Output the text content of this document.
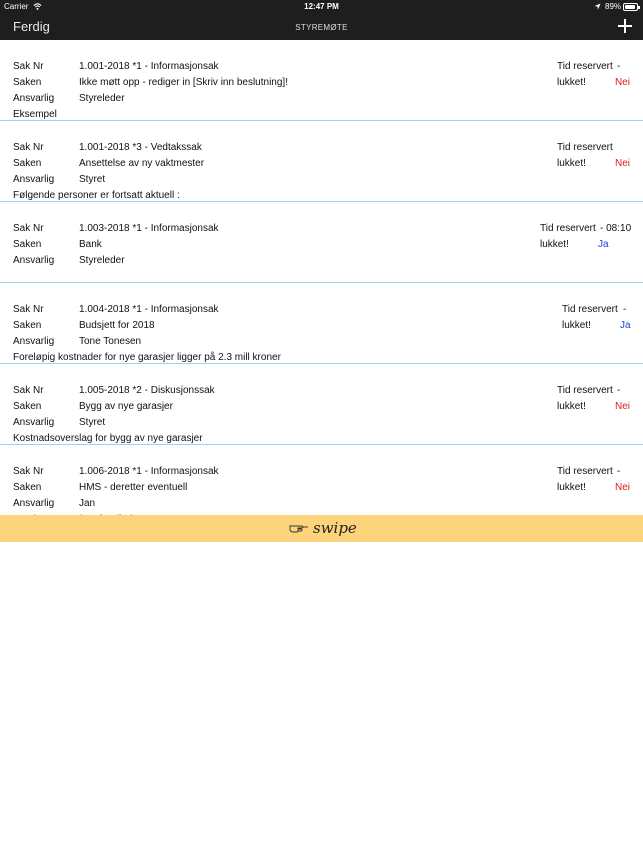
Carrier	12:47 PM	89%
Ferdig	STYREMØTE
Sak Nr	1.001-2018 *1 - Informasjonsak	Tid reservert -
Saken	Ikke møtt opp - rediger in [Skriv inn beslutning]!	lukket!	Nei
Ansvarlig Styreleder
Eksempel
Sak Nr	1.001-2018 *3 - Vedtakssak	Tid reservert
Saken	Ansettelse av ny vaktmester	lukket!	Nei
Ansvarlig Styret
Følgende personer er fortsatt aktuell :
Sak Nr	1.003-2018 *1 - Informasjonsak	Tid reservert - 08:10
Saken	Bank	lukket!	Ja
Ansvarlig Styreleder
Sak Nr	1.004-2018 *1 - Informasjonsak	Tid reservert -
Saken	Budsjett for 2018	lukket!	Ja
Ansvarlig Tone Tonesen
Foreløpig kostnader for nye garasjer ligger på 2.3 mill kroner
Sak Nr	1.005-2018 *2 - Diskusjonssak	Tid reservert -
Saken	Bygg av nye garasjer	lukket!	Nei
Ansvarlig Styret
Kostnadsoverslag for bygg av nye garasjer
Sak Nr	1.006-2018 *1 - Informasjonsak	Tid reservert -
Saken	HMS - deretter eventuell	lukket!	Nei
Ansvarlig Jan
swipe
